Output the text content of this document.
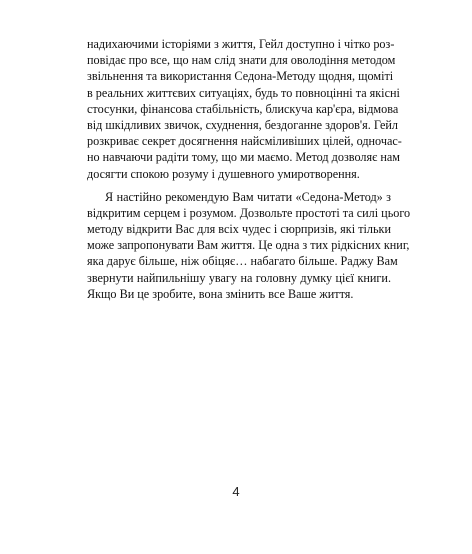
надихаючими історіями з життя, Гейл доступно і чітко роз-
повідає про все, що нам слід знати для оволодіння методом
звільнення та використання Седона-Методу щодня, щоміті
в реальних життєвих ситуаціях, будь то повноцінні та якісні
стосунки, фінансова стабільність, блискуча кар'єра, відмова
від шкідливих звичок, схуднення, бездоганне здоров'я. Гейл
розкриває секрет досягнення найсміливіших цілей, одночас-
но навчаючи радіти тому, що ми маємо. Метод дозволяє нам
досягти спокою розуму і душевного умиротворення.
Я настійно рекомендую Вам читати «Седона-Метод» з
відкритим серцем і розумом. Дозвольте простоті та силі цього
методу відкрити Вас для всіх чудес і сюрпризів, які тільки
може запропонувати Вам життя. Це одна з тих рідкісних книг,
яка дарує більше, ніж обіцяє… набагато більше. Раджу Вам
звернути найпильнішу увагу на головну думку цієї книги.
Якщо Ви це зробите, вона змінить все Ваше життя.
4
